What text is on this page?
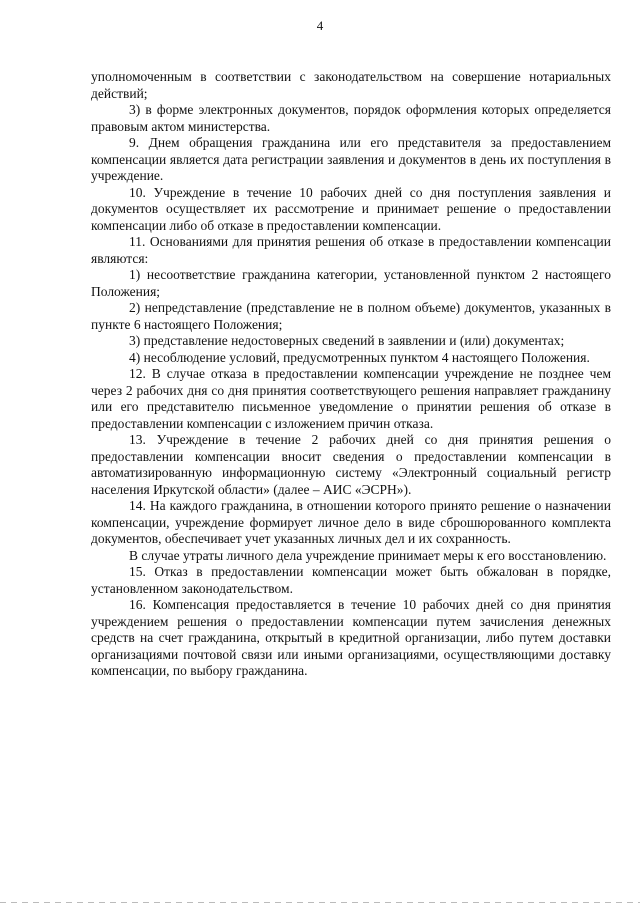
4

уполномоченным в соответствии с законодательством на совершение нотариальных действий;

3) в форме электронных документов, порядок оформления которых определяется правовым актом министерства.

9. Днем обращения гражданина или его представителя за предоставлением компенсации является дата регистрации заявления и документов в день их поступления в учреждение.

10. Учреждение в течение 10 рабочих дней со дня поступления заявления и документов осуществляет их рассмотрение и принимает решение о предоставлении компенсации либо об отказе в предоставлении компенсации.

11. Основаниями для принятия решения об отказе в предоставлении компенсации являются:

1) несоответствие гражданина категории, установленной пунктом 2 настоящего Положения;

2) непредставление (представление не в полном объеме) документов, указанных в пункте 6 настоящего Положения;

3) представление недостоверных сведений в заявлении и (или) документах;

4) несоблюдение условий, предусмотренных пунктом 4 настоящего Положения.

12. В случае отказа в предоставлении компенсации учреждение не позднее чем через 2 рабочих дня со дня принятия соответствующего решения направляет гражданину или его представителю письменное уведомление о принятии решения об отказе в предоставлении компенсации с изложением причин отказа.

13. Учреждение в течение 2 рабочих дней со дня принятия решения о предоставлении компенсации вносит сведения о предоставлении компенсации в автоматизированную информационную систему «Электронный социальный регистр населения Иркутской области» (далее – АИС «ЭСРН»).

14. На каждого гражданина, в отношении которого принято решение о назначении компенсации, учреждение формирует личное дело в виде сброшюрованного комплекта документов, обеспечивает учет указанных личных дел и их сохранность.

В случае утраты личного дела учреждение принимает меры к его восстановлению.

15. Отказ в предоставлении компенсации может быть обжалован в порядке, установленном законодательством.

16. Компенсация предоставляется в течение 10 рабочих дней со дня принятия учреждением решения о предоставлении компенсации путем зачисления денежных средств на счет гражданина, открытый в кредитной организации, либо путем доставки организациями почтовой связи или иными организациями, осуществляющими доставку компенсации, по выбору гражданина.
